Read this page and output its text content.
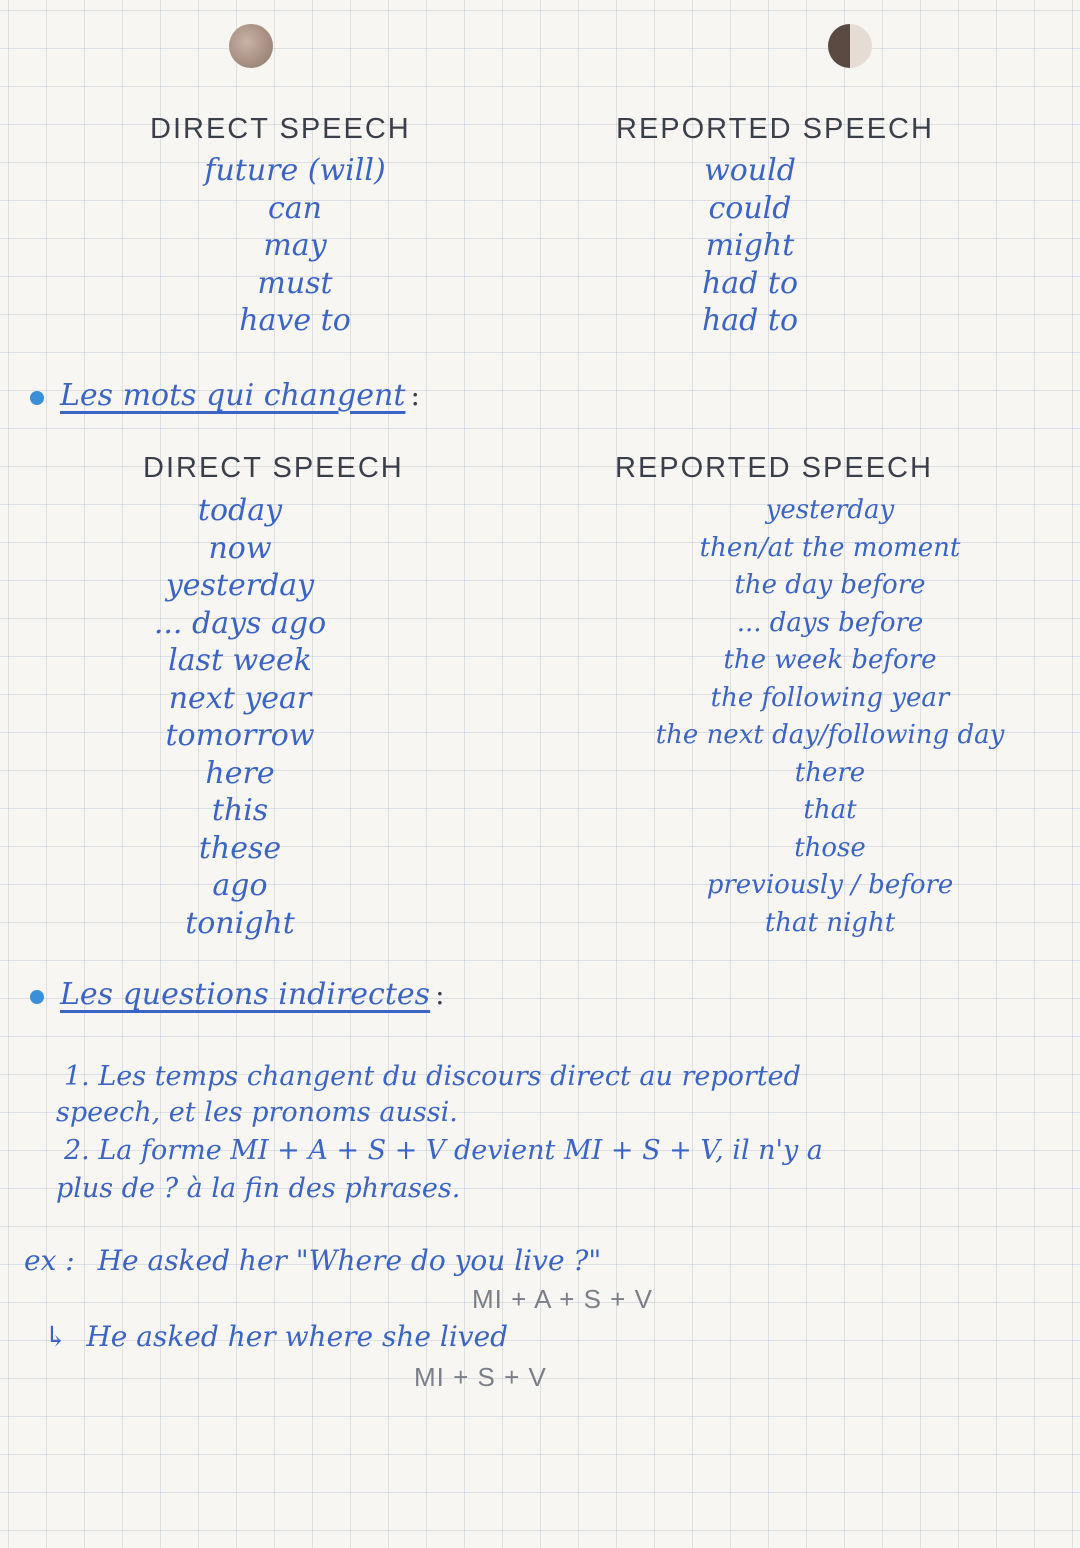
DIRECT SPEECH	REPORTED SPEECH
future (will)
can
may
must
have to
would
could
might
had to
had to
Les mots qui changent :
DIRECT SPEECH	REPORTED SPEECH
today
now
yesterday
... days ago
last week
next year
tomorrow
here
this
these
ago
tonight
yesterday
then/at the moment
the day before
... days before
the week before
the following year
the next day/following day
there
that
those
previously / before
that night
Les questions indirectes :
1. Les temps changent du discours direct au reported
speech, et les pronoms aussi.
2. La forme MI + A + S + V devient MI + S + V, il n'y a
plus de ? à la fin des phrases.
ex : He asked her "Where do you live ?"
MI + A + S + V
↳ He asked her where she lived
MI + S + V
